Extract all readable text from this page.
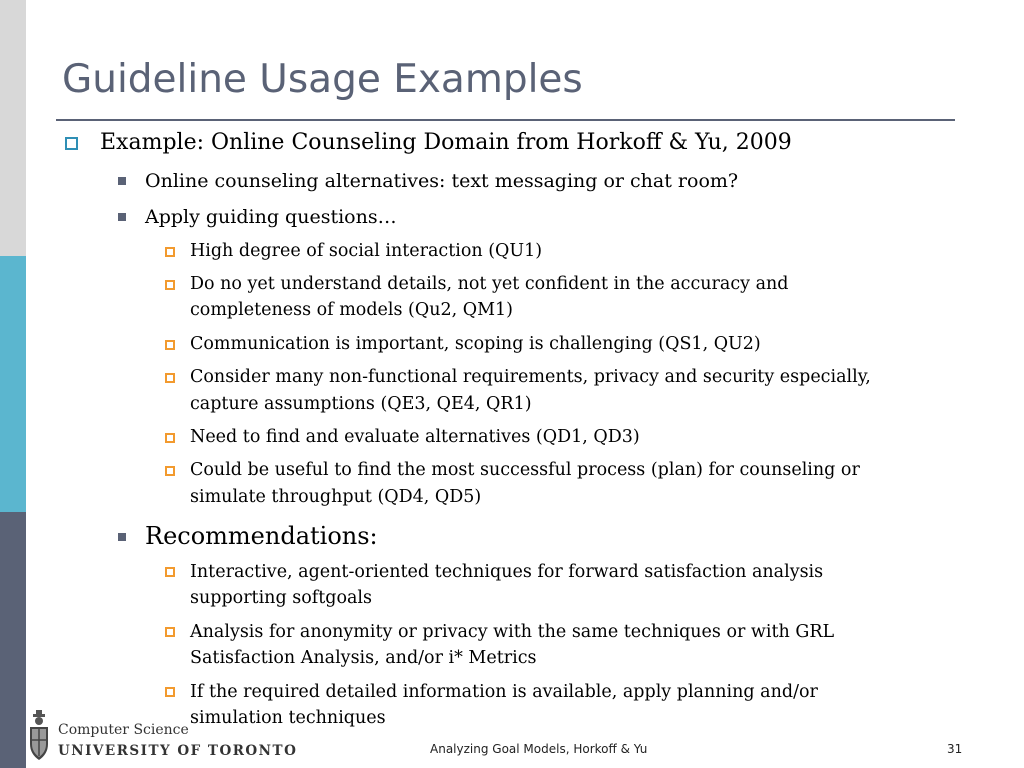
Guideline Usage Examples
Example: Online Counseling Domain from Horkoff & Yu, 2009
Online counseling alternatives: text messaging or chat room?
Apply guiding questions…
High degree of social interaction (QU1)
Do no yet understand details, not yet confident in the accuracy and
completeness of models (Qu2, QM1)
Communication is important, scoping is challenging (QS1, QU2)
Consider many non-functional requirements, privacy and security especially,
capture assumptions (QE3, QE4, QR1)
Need to find and evaluate alternatives (QD1, QD3)
Could be useful to find the most successful process (plan) for counseling or
simulate throughput (QD4, QD5)
Recommendations:
Interactive, agent-oriented techniques for forward satisfaction analysis
supporting softgoals
Analysis for anonymity or privacy with the same techniques or with GRL
Satisfaction Analysis, and/or i* Metrics
If the required detailed information is available, apply planning and/or
simulation techniques
Computer Science
UNIVERSITY OF TORONTO	Analyzing Goal Models, Horkoff & Yu	31
